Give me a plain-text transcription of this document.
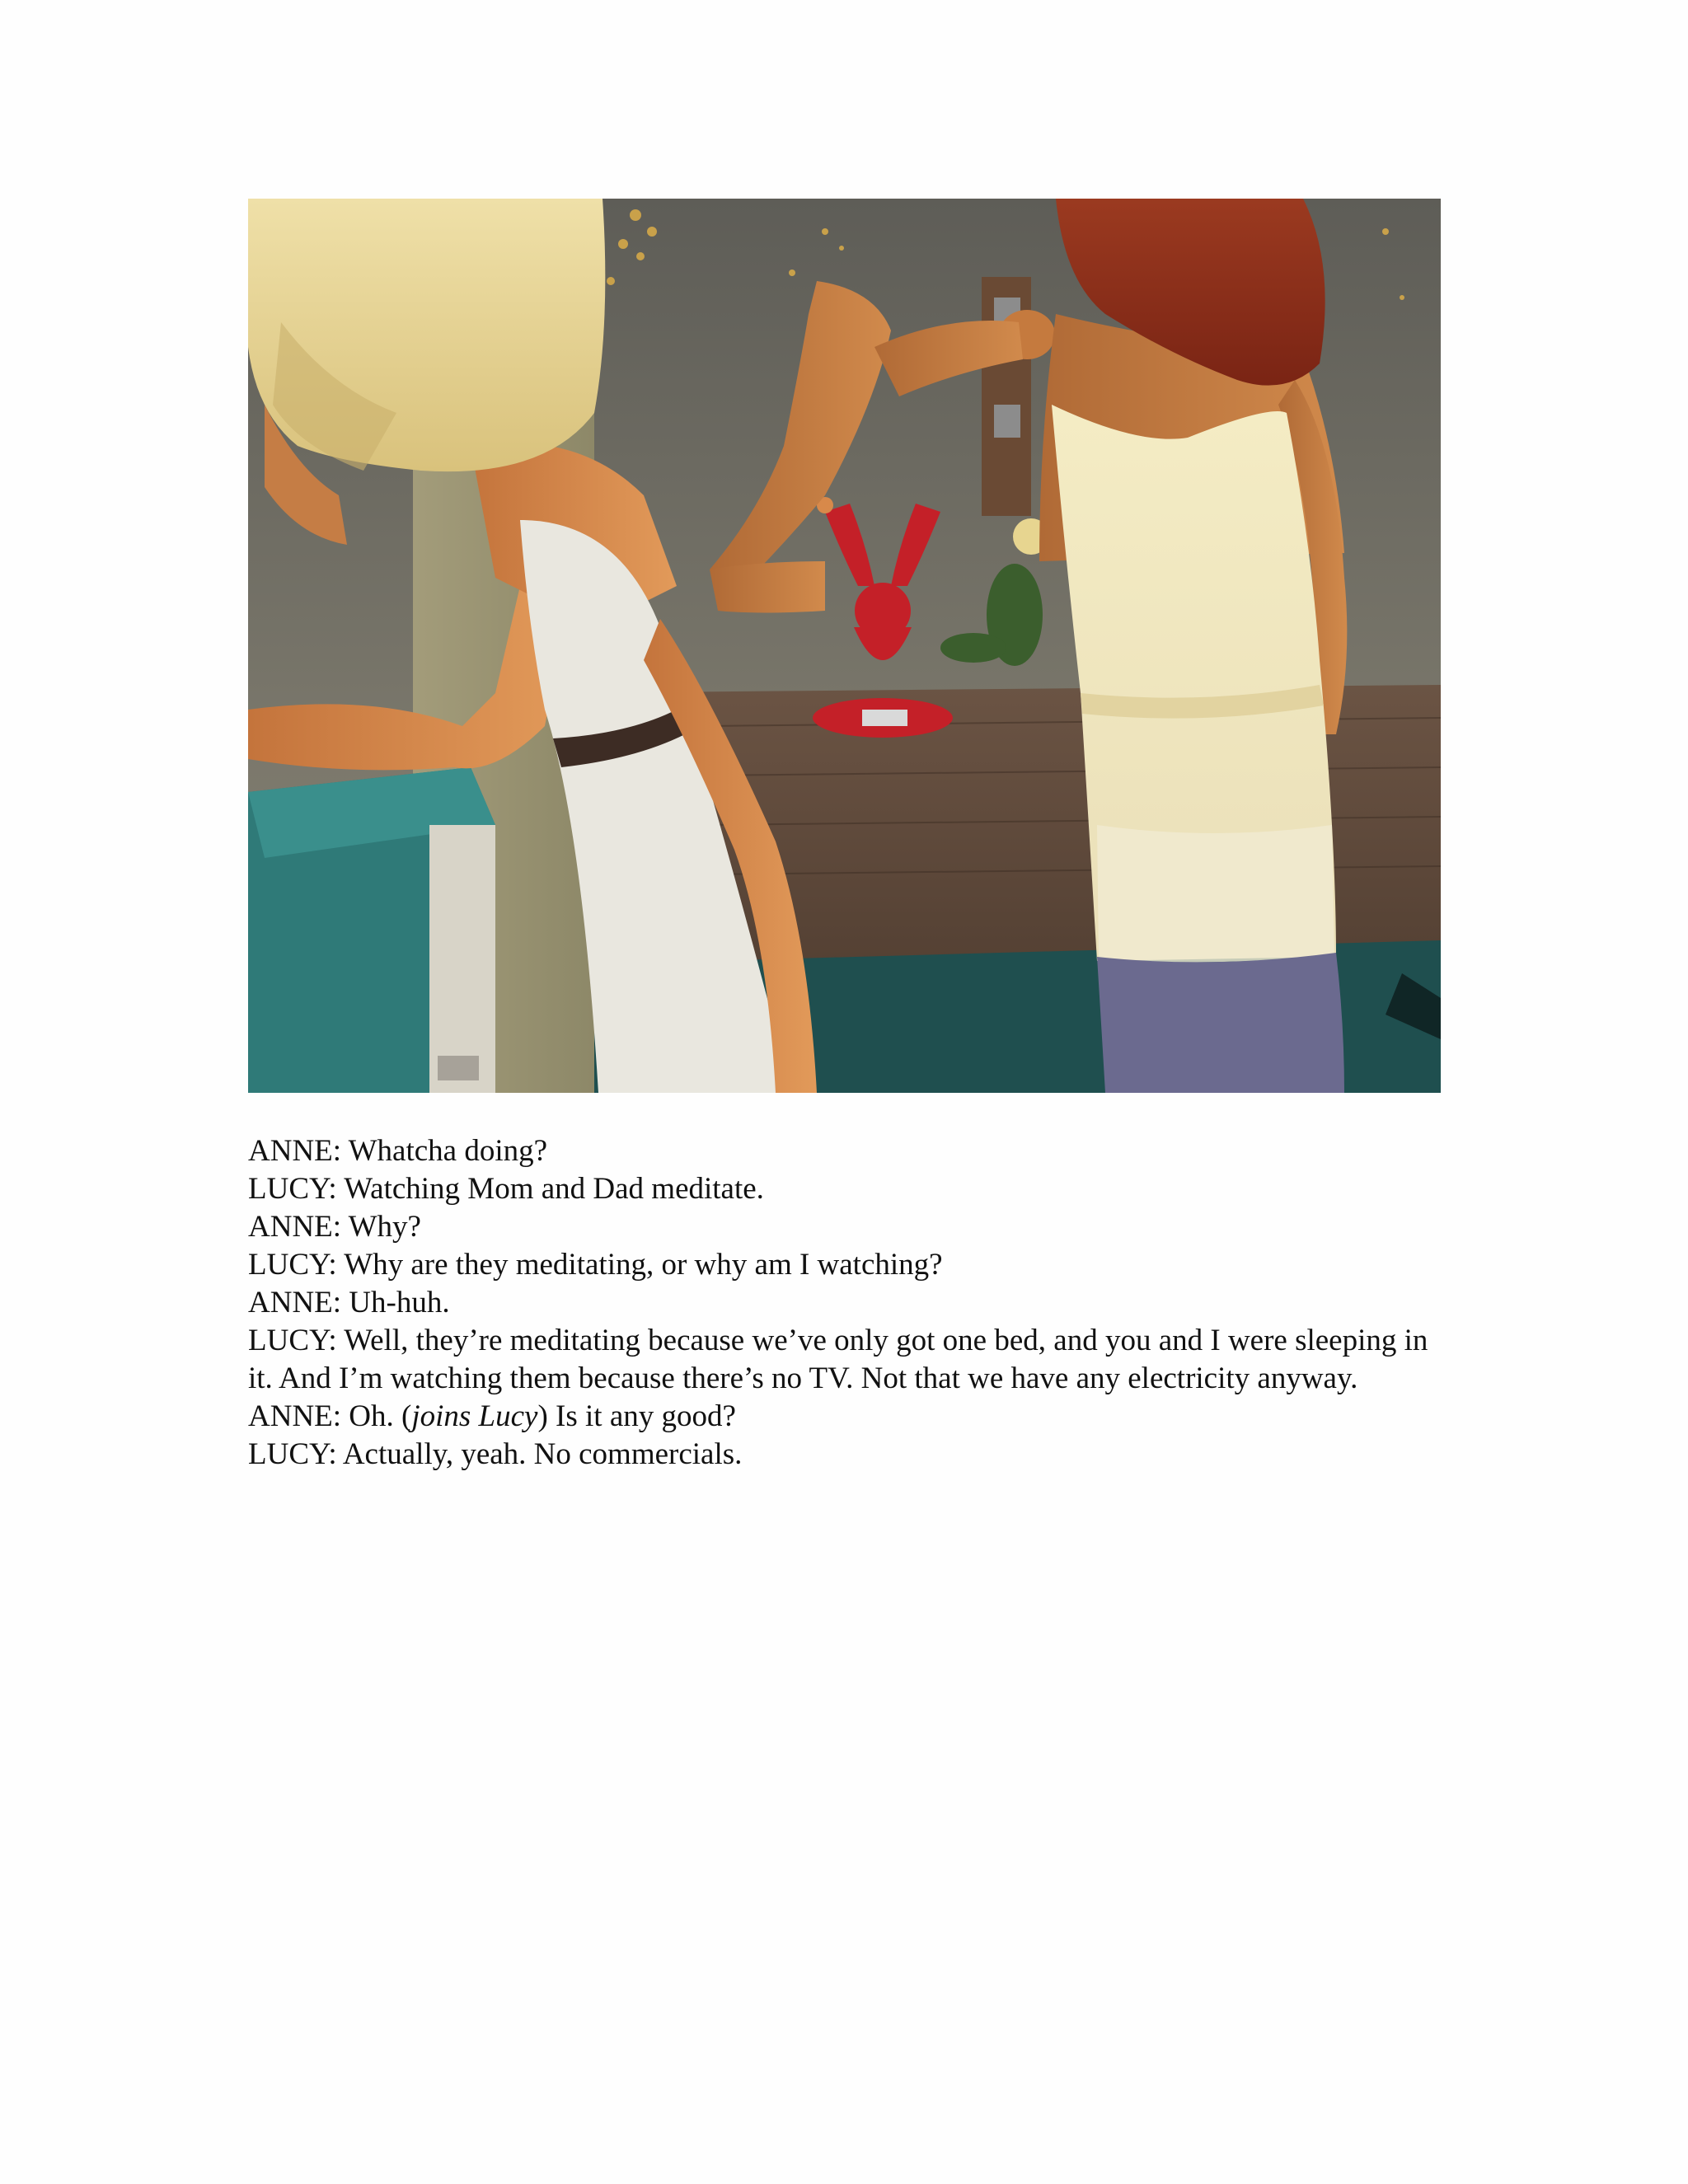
ANNE: Whatcha doing?

LUCY: Watching Mom and Dad meditate.

ANNE: Why?

LUCY: Why are they meditating, or why am I watching?

ANNE: Uh-huh.

LUCY: Well, they’re meditating because we’ve only got one bed, and you and I were sleeping in it. And I’m watching them because there’s no TV. Not that we have any electricity anyway.

ANNE: Oh. (joins Lucy) Is it any good?

LUCY: Actually, yeah. No commercials.
